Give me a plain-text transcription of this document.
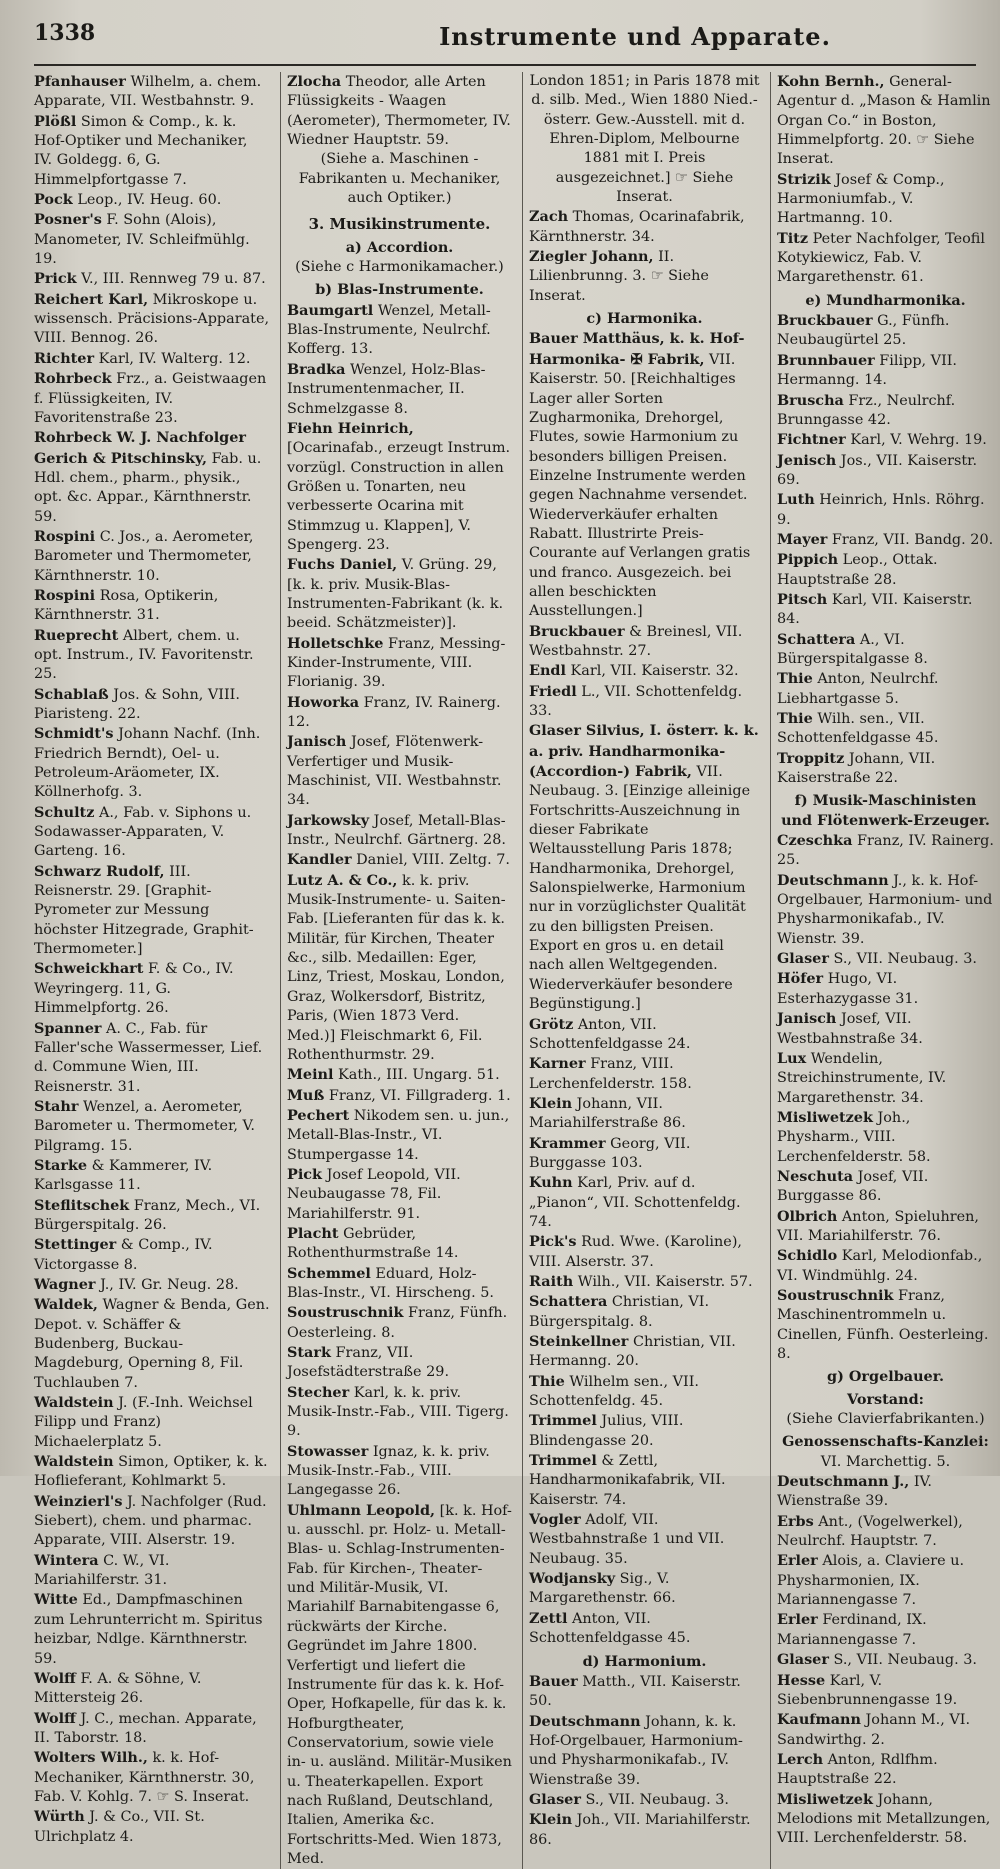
1338	Instrumente und Apparate.

Pfanhauser Wilhelm, a. chem. Apparate, VII. Westbahnstr. 9.

Plößl Simon & Comp., k. k. Hof-Optiker und Mechaniker, IV. Goldegg. 6, G. Himmelpfortgasse 7.

Pock Leop., IV. Heug. 60.

Posner's F. Sohn (Alois), Manometer, IV. Schleifmühlg. 19.

Prick V., III. Rennweg 79 u. 87.

Reichert Karl, Mikroskope u. wissensch. Präcisions-Apparate, VIII. Bennog. 26.

Richter Karl, IV. Walterg. 12.

Rohrbeck Frz., a. Geistwaagen f. Flüssigkeiten, IV. Favoritenstraße 23.

Rohrbeck W. J. Nachfolger Gerich & Pitschinsky, Fab. u. Hdl. chem., pharm., physik., opt. &c. Appar., Kärnthnerstr. 59.

Rospini C. Jos., a. Aerometer, Barometer und Thermometer, Kärnthnerstr. 10.

Rospini Rosa, Optikerin, Kärnthnerstr. 31.

Rueprecht Albert, chem. u. opt. Instrum., IV. Favoritenstr. 25.

Schablaß Jos. & Sohn, VIII. Piaristeng. 22.

Schmidt's Johann Nachf. (Inh. Friedrich Berndt), Oel- u. Petroleum-Aräometer, IX. Köllnerhofg. 3.

Schultz A., Fab. v. Siphons u. Sodawasser-Apparaten, V. Garteng. 16.

Schwarz Rudolf, III. Reisnerstr. 29. [Graphit-Pyrometer zur Messung höchster Hitzegrade, Graphit-Thermometer.]

Schweickhart F. & Co., IV. Weyringerg. 11, G. Himmelpfortg. 26.

Spanner A. C., Fab. für Faller'sche Wassermesser, Lief. d. Commune Wien, III. Reisnerstr. 31.

Stahr Wenzel, a. Aerometer, Barometer u. Thermometer, V. Pilgramg. 15.

Starke & Kammerer, IV. Karlsgasse 11.

Steflitschek Franz, Mech., VI. Bürgerspitalg. 26.

Stettinger & Comp., IV. Victorgasse 8.

Wagner J., IV. Gr. Neug. 28.

Waldek, Wagner & Benda, Gen. Depot. v. Schäffer & Budenberg, Buckau-Magdeburg, Operning 8, Fil. Tuchlauben 7.

Waldstein J. (F.-Inh. Weichsel Filipp und Franz) Michaelerplatz 5.

Waldstein Simon, Optiker, k. k. Hoflieferant, Kohlmarkt 5.

Weinzierl's J. Nachfolger (Rud. Siebert), chem. und pharmac. Apparate, VIII. Alserstr. 19.

Wintera C. W., VI. Mariahilferstr. 31.

Witte Ed., Dampfmaschinen zum Lehrunterricht m. Spiritus heizbar, Ndlge. Kärnthnerstr. 59.

Wolff F. A. & Söhne, V. Mittersteig 26.

Wolff J. C., mechan. Apparate, II. Taborstr. 18.

Wolters Wilh., k. k. Hof-Mechaniker, Kärnthnerstr. 30, Fab. V. Kohlg. 7. ☞ S. Inserat.

Würth J. & Co., VII. St. Ulrichplatz 4.

Zlocha Theodor, alle Arten Flüssigkeits - Waagen (Aerometer), Thermometer, IV. Wiedner Hauptstr. 59.

(Siehe a. Maschinen - Fabrikanten u. Mechaniker, auch Optiker.)

3. Musikinstrumente.

a) Accordion.

(Siehe c Harmonikamacher.)

b) Blas-Instrumente.

Baumgartl Wenzel, Metall-Blas-Instrumente, Neulrchf. Kofferg. 13.

Bradka Wenzel, Holz-Blas-Instrumentenmacher, II. Schmelzgasse 8.

Fiehn Heinrich, [Ocarinafab., erzeugt Instrum. vorzügl. Construction in allen Größen u. Tonarten, neu verbesserte Ocarina mit Stimmzug u. Klappen], V. Spengerg. 23.

Fuchs Daniel, V. Grüng. 29, [k. k. priv. Musik-Blas-Instrumenten-Fabrikant (k. k. beeid. Schätzmeister)].

Holletschke Franz, Messing-Kinder-Instrumente, VIII. Florianig. 39.

Howorka Franz, IV. Rainerg. 12.

Janisch Josef, Flötenwerk-Verfertiger und Musik-Maschinist, VII. Westbahnstr. 34.

Jarkowsky Josef, Metall-Blas-Instr., Neulrchf. Gärtnerg. 28.

Kandler Daniel, VIII. Zeltg. 7.

Lutz A. & Co., k. k. priv. Musik-Instrumente- u. Saiten-Fab. [Lieferanten für das k. k. Militär, für Kirchen, Theater &c., silb. Medaillen: Eger, Linz, Triest, Moskau, London, Graz, Wolkersdorf, Bistritz, Paris, (Wien 1873 Verd. Med.)] Fleischmarkt 6, Fil. Rothenthurmstr. 29.

Meinl Kath., III. Ungarg. 51.

Muß Franz, VI. Fillgraderg. 1.

Pechert Nikodem sen. u. jun., Metall-Blas-Instr., VI. Stumpergasse 14.

Pick Josef Leopold, VII. Neubaugasse 78, Fil. Mariahilferstr. 91.

Placht Gebrüder, Rothenthurmstraße 14.

Schemmel Eduard, Holz-Blas-Instr., VI. Hirscheng. 5.

Soustruschnik Franz, Fünfh. Oesterleing. 8.

Stark Franz, VII. Josefstädterstraße 29.

Stecher Karl, k. k. priv. Musik-Instr.-Fab., VIII. Tigerg. 9.

Stowasser Ignaz, k. k. priv. Musik-Instr.-Fab., VIII. Langegasse 26.

Uhlmann Leopold, [k. k. Hof- u. ausschl. pr. Holz- u. Metall-Blas- u. Schlag-Instrumenten-Fab. für Kirchen-, Theater- und Militär-Musik, VI. Mariahilf Barnabitengasse 6, rückwärts der Kirche. Gegründet im Jahre 1800. Verfertigt und liefert die Instrumente für das k. k. Hof-Oper, Hofkapelle, für das k. k. Hofburgtheater, Conservatorium, sowie viele in- u. ausländ. Militär-Musiken u. Theaterkapellen. Export nach Rußland, Deutschland, Italien, Amerika &c. Fortschritts-Med. Wien 1873, Med.

London 1851; in Paris 1878 mit d. silb. Med., Wien 1880 Nied.-österr. Gew.-Ausstell. mit d. Ehren-Diplom, Melbourne 1881 mit I. Preis ausgezeichnet.] ☞ Siehe Inserat.

Zach Thomas, Ocarinafabrik, Kärnthnerstr. 34.

Ziegler Johann, II. Lilienbrunng. 3. ☞ Siehe Inserat.

c) Harmonika.

Bauer Matthäus, k. k. Hof-Harmonika- ✠ Fabrik, VII. Kaiserstr. 50. [Reichhaltiges Lager aller Sorten Zugharmonika, Drehorgel, Flutes, sowie Harmonium zu besonders billigen Preisen. Einzelne Instrumente werden gegen Nachnahme versendet. Wiederverkäufer erhalten Rabatt. Illustrirte Preis-Courante auf Verlangen gratis und franco. Ausgezeich. bei allen beschickten Ausstellungen.]

Bruckbauer & Breinesl, VII. Westbahnstr. 27.

Endl Karl, VII. Kaiserstr. 32.

Friedl L., VII. Schottenfeldg. 33.

Glaser Silvius, I. österr. k. k. a. priv. Handharmonika- (Accordion-) Fabrik, VII. Neubaug. 3. [Einzige alleinige Fortschritts-Auszeichnung in dieser Fabrikate Weltausstellung Paris 1878; Handharmonika, Drehorgel, Salonspielwerke, Harmonium nur in vorzüglichster Qualität zu den billigsten Preisen. Export en gros u. en detail nach allen Weltgegenden. Wiederverkäufer besondere Begünstigung.]

Grötz Anton, VII. Schottenfeldgasse 24.

Karner Franz, VIII. Lerchenfelderstr. 158.

Klein Johann, VII. Mariahilferstraße 86.

Krammer Georg, VII. Burggasse 103.

Kuhn Karl, Priv. auf d. „Pianon“, VII. Schottenfeldg. 74.

Pick's Rud. Wwe. (Karoline), VIII. Alserstr. 37.

Raith Wilh., VII. Kaiserstr. 57.

Schattera Christian, VI. Bürgerspitalg. 8.

Steinkellner Christian, VII. Hermanng. 20.

Thie Wilhelm sen., VII. Schottenfeldg. 45.

Trimmel Julius, VIII. Blindengasse 20.

Trimmel & Zettl, Handharmonikafabrik, VII. Kaiserstr. 74.

Vogler Adolf, VII. Westbahnstraße 1 und VII. Neubaug. 35.

Wodjansky Sig., V. Margarethenstr. 66.

Zettl Anton, VII. Schottenfeldgasse 45.

d) Harmonium.

Bauer Matth., VII. Kaiserstr. 50.

Deutschmann Johann, k. k. Hof-Orgelbauer, Harmonium- und Physharmonikafab., IV. Wienstraße 39.

Glaser S., VII. Neubaug. 3.

Klein Joh., VII. Mariahilferstr. 86.

Kohn Bernh., General-Agentur d. „Mason & Hamlin Organ Co.“ in Boston, Himmelpfortg. 20. ☞ Siehe Inserat.

Strizik Josef & Comp., Harmoniumfab., V. Hartmanng. 10.

Titz Peter Nachfolger, Teofil Kotykiewicz, Fab. V. Margarethenstr. 61.

e) Mundharmonika.

Bruckbauer G., Fünfh. Neubaugürtel 25.

Brunnbauer Filipp, VII. Hermanng. 14.

Bruscha Frz., Neulrchf. Brunngasse 42.

Fichtner Karl, V. Wehrg. 19.

Jenisch Jos., VII. Kaiserstr. 69.

Luth Heinrich, Hnls. Röhrg. 9.

Mayer Franz, VII. Bandg. 20.

Pippich Leop., Ottak. Hauptstraße 28.

Pitsch Karl, VII. Kaiserstr. 84.

Schattera A., VI. Bürgerspitalgasse 8.

Thie Anton, Neulrchf. Liebhartgasse 5.

Thie Wilh. sen., VII. Schottenfeldgasse 45.

Troppitz Johann, VII. Kaiserstraße 22.

f) Musik-Maschinisten und Flötenwerk-Erzeuger.

Czeschka Franz, IV. Rainerg. 25.

Deutschmann J., k. k. Hof-Orgelbauer, Harmonium- und Physharmonikafab., IV. Wienstr. 39.

Glaser S., VII. Neubaug. 3.

Höfer Hugo, VI. Esterhazygasse 31.

Janisch Josef, VII. Westbahnstraße 34.

Lux Wendelin, Streichinstrumente, IV. Margarethenstr. 34.

Misliwetzek Joh., Physharm., VIII. Lerchenfelderstr. 58.

Neschuta Josef, VII. Burggasse 86.

Olbrich Anton, Spieluhren, VII. Mariahilferstr. 76.

Schidlo Karl, Melodionfab., VI. Windmühlg. 24.

Soustruschnik Franz, Maschinentrommeln u. Cinellen, Fünfh. Oesterleing. 8.

g) Orgelbauer.

Vorstand:

(Siehe Clavierfabrikanten.)

Genossenschafts-Kanzlei:

VI. Marchettig. 5.

Deutschmann J., IV. Wienstraße 39.

Erbs Ant., (Vogelwerkel), Neulrchf. Hauptstr. 7.

Erler Alois, a. Claviere u. Physharmonien, IX. Mariannengasse 7.

Erler Ferdinand, IX. Mariannengasse 7.

Glaser S., VII. Neubaug. 3.

Hesse Karl, V. Siebenbrunnengasse 19.

Kaufmann Johann M., VI. Sandwirthg. 2.

Lerch Anton, Rdlfhm. Hauptstraße 22.

Misliwetzek Johann, Melodions mit Metallzungen, VIII. Lerchenfelderstr. 58.
